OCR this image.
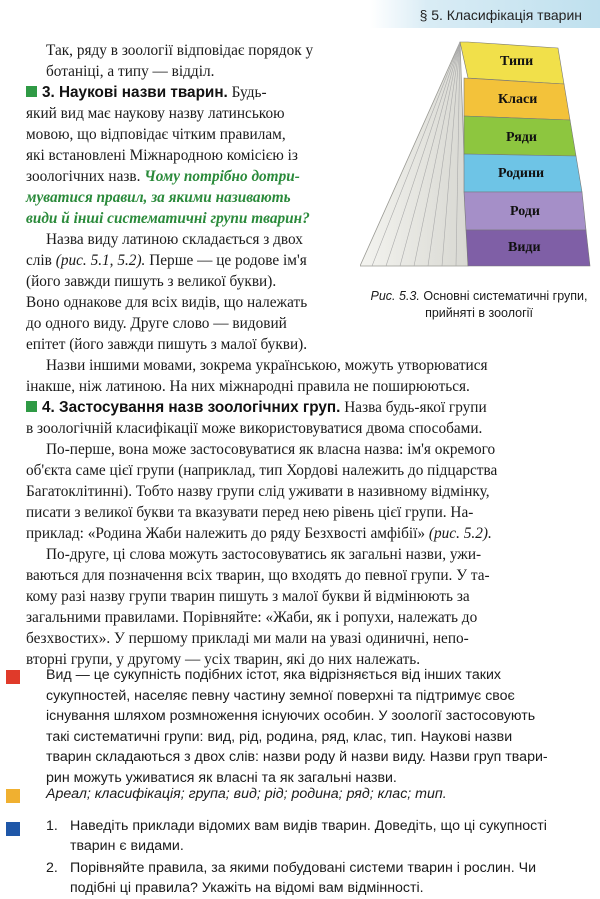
§ 5. Класифікація тварин
Так, ряду в зоології відповідає порядок у
ботаніці, а типу — відділ.
3. Наукові назви тварин. Будь-
який вид має наукову назву латинською
мовою, що відповідає чітким правилам,
які встановлені Міжнародною комісією із
зоологічних назв. Чому потрібно дотри-
муватися правил, за якими називають
види й інші систематичні групи тварин?
Назва виду латиною складається з двох
слів (рис. 5.1, 5.2). Перше — це родове ім'я
(його завжди пишуть з великої букви).
Воно однакове для всіх видів, що належать
до одного виду. Друге слово — видовий
епітет (його завжди пишуть з малої букви).
Типи
Класи
Ряди
Родини
Роди
Види
Рис. 5.3. Основні систематичні групи, прийняті в зоології
Назви іншими мовами, зокрема українською, можуть утворюватися
інакше, ніж латиною. На них міжнародні правила не поширюються.
4. Застосування назв зоологічних груп. Назва будь-якої групи
в зоологічній класифікації може використовуватися двома способами.
По-перше, вона може застосовуватися як власна назва: ім'я окремого
об'єкта саме цієї групи (наприклад, тип Хордові належить до підцарства
Багатоклітинні). Тобто назву групи слід уживати в називному відмінку,
писати з великої букви та вказувати перед нею рівень цієї групи. На-
приклад: «Родина Жаби належить до ряду Безхвості амфібії» (рис. 5.2).
По-друге, ці слова можуть застосовуватись як загальні назви, ужи-
ваються для позначення всіх тварин, що входять до певної групи. У та-
кому разі назву групи тварин пишуть з малої букви й відмінюють за
загальними правилами. Порівняйте: «Жаби, як і ропухи, належать до
безхвостих». У першому прикладі ми мали на увазі одиничні, непо-
вторні групи, у другому — усіх тварин, які до них належать.
Вид — це сукупність подібних істот, яка відрізняється від інших таких
сукупностей, населяє певну частину земної поверхні та підтримує своє
існування шляхом розмноження існуючих особин. У зоології застосовують
такі систематичні групи: вид, рід, родина, ряд, клас, тип. Наукові назви
тварин складаються з двох слів: назви роду й назви виду. Назви груп твари-
рин можуть уживатися як власні та як загальні назви.
Ареал; класифікація; група; вид; рід; родина; ряд; клас; тип.
1. Наведіть приклади відомих вам видів тварин. Доведіть, що ці сукупності
тварин є видами.
2. Порівняйте правила, за якими побудовані системи тварин і рослин. Чи
подібні ці правила? Укажіть на відомі вам відмінності.
